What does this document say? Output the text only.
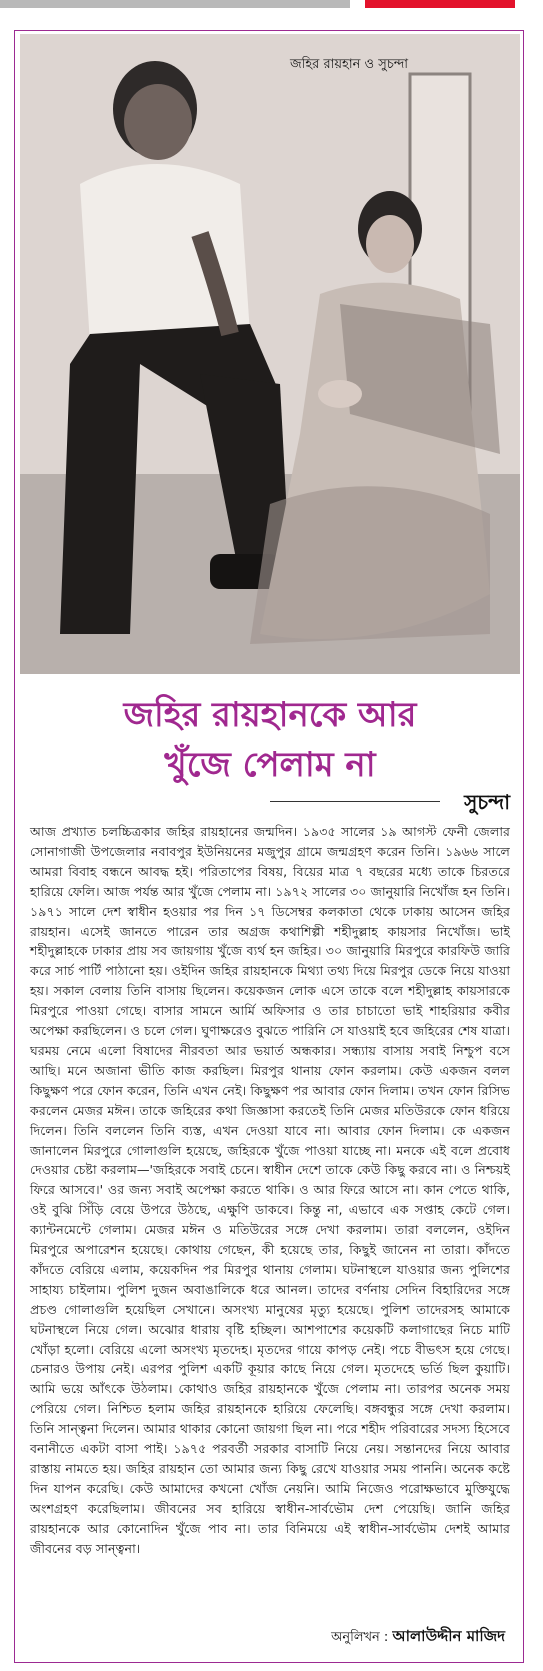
জহির রায়হান ও সুচন্দা
জহির রায়হানকে আর
খুঁজে পেলাম না
সুচন্দা
আজ প্রখ্যাত চলচ্চিত্রকার জহির রায়হানের জন্মদিন। ১৯৩৫ সালের ১৯ আগস্ট ফেনী জেলার সোনাগাজী উপজেলার নবাবপুর ইউনিয়নের মজুপুর গ্রামে জন্মগ্রহণ করেন তিনি। ১৯৬৬ সালে আমরা বিবাহ বন্ধনে আবদ্ধ হই। পরিতাপের বিষয়, বিয়ের মাত্র ৭ বছরের মধ্যে তাকে চিরতরে হারিয়ে ফেলি। আজ পর্যন্ত আর খুঁজে পেলাম না। ১৯৭২ সালের ৩০ জানুয়ারি নিখোঁজ হন তিনি। ১৯৭১ সালে দেশ স্বাধীন হওয়ার পর দিন ১৭ ডিসেম্বর কলকাতা থেকে ঢাকায় আসেন জহির রায়হান। এসেই জানতে পারেন তার অগ্রজ কথাশিল্পী শহীদুল্লাহ কায়সার নিখোঁজ। ভাই শহীদুল্লাহকে ঢাকার প্রায় সব জায়গায় খুঁজে ব্যর্থ হন জহির। ৩০ জানুয়ারি মিরপুরে কারফিউ জারি করে সার্চ পার্টি পাঠানো হয়। ওইদিন জহির রায়হানকে মিথ্যা তথ্য দিয়ে মিরপুর ডেকে নিয়ে যাওয়া হয়। সকাল বেলায় তিনি বাসায় ছিলেন। কয়েকজন লোক এসে তাকে বলে শহীদুল্লাহ কায়সারকে মিরপুরে পাওয়া গেছে। বাসার সামনে আর্মি অফিসার ও তার চাচাতো ভাই শাহরিয়ার কবীর অপেক্ষা করছিলেন। ও চলে গেল। ঘুণাক্ষরেও বুঝতে পারিনি সে যাওয়াই হবে জহিরের শেষ যাত্রা। ঘরময় নেমে এলো বিষাদের নীরবতা আর ভয়ার্ত অন্ধকার। সন্ধ্যায় বাসায় সবাই নিশ্চুপ বসে আছি। মনে অজানা ভীতি কাজ করছিল। মিরপুর থানায় ফোন করলাম। কেউ একজন বলল কিছুক্ষণ পরে ফোন করেন, তিনি এখন নেই। কিছুক্ষণ পর আবার ফোন দিলাম। তখন ফোন রিসিভ করলেন মেজর মঈন। তাকে জহিরের কথা জিজ্ঞাসা করতেই তিনি মেজর মতিউরকে ফোন ধরিয়ে দিলেন। তিনি বললেন তিনি ব্যস্ত, এখন দেওয়া যাবে না। আবার ফোন দিলাম। কে একজন জানালেন মিরপুরে গোলাগুলি হয়েছে, জহিরকে খুঁজে পাওয়া যাচ্ছে না। মনকে এই বলে প্রবোধ দেওয়ার চেষ্টা করলাম—'জহিরকে সবাই চেনে। স্বাধীন দেশে তাকে কেউ কিছু করবে না। ও নিশ্চয়ই ফিরে আসবে।' ওর জন্য সবাই অপেক্ষা করতে থাকি। ও আর ফিরে আসে না। কান পেতে থাকি, ওই বুঝি সিঁড়ি বেয়ে উপরে উঠছে, এক্ষুণি ডাকবে। কিন্তু না, এভাবে এক সপ্তাহ কেটে গেল। ক্যান্টনমেন্টে গেলাম। মেজর মঈন ও মতিউরের সঙ্গে দেখা করলাম। তারা বললেন, ওইদিন মিরপুরে অপারেশন হয়েছে। কোথায় গেছেন, কী হয়েছে তার, কিছুই জানেন না তারা। কাঁদতে কাঁদতে বেরিয়ে এলাম, কয়েকদিন পর মিরপুর থানায় গেলাম। ঘটনাস্থলে যাওয়ার জন্য পুলিশের সাহায্য চাইলাম। পুলিশ দুজন অবাঙালিকে ধরে আনল। তাদের বর্ণনায় সেদিন বিহারিদের সঙ্গে প্রচণ্ড গোলাগুলি হয়েছিল সেখানে। অসংখ্য মানুষের মৃত্যু হয়েছে। পুলিশ তাদেরসহ আমাকে ঘটনাস্থলে নিয়ে গেল। অঝোর ধারায় বৃষ্টি হচ্ছিল। আশপাশের কয়েকটি কলাগাছের নিচে মাটি খোঁড়া হলো। বেরিয়ে এলো অসংখ্য মৃতদেহ। মৃতদের গায়ে কাপড় নেই। পচে বীভৎস হয়ে গেছে। চেনারও উপায় নেই। এরপর পুলিশ একটি কূয়ার কাছে নিয়ে গেল। মৃতদেহে ভর্তি ছিল কুয়াটি। আমি ভয়ে আঁৎকে উঠলাম। কোথাও জহির রায়হানকে খুঁজে পেলাম না। তারপর অনেক সময় পেরিয়ে গেল। নিশ্চিত হলাম জহির রায়হানকে হারিয়ে ফেলেছি। বঙ্গবন্ধুর সঙ্গে দেখা করলাম। তিনি সান্ত্বনা দিলেন। আমার থাকার কোনো জায়গা ছিল না। পরে শহীদ পরিবারের সদস্য হিসেবে বনানীতে একটা বাসা পাই। ১৯৭৫ পরবর্তী সরকার বাসাটি নিয়ে নেয়। সন্তানদের নিয়ে আবার রাস্তায় নামতে হয়। জহির রায়হান তো আমার জন্য কিছু রেখে যাওয়ার সময় পাননি। অনেক কষ্টে দিন যাপন করেছি। কেউ আমাদের কখনো খোঁজ নেয়নি। আমি নিজেও পরোক্ষভাবে মুক্তিযুদ্ধে অংশগ্রহণ করেছিলাম। জীবনের সব হারিয়ে স্বাধীন-সার্বভৌম দেশ পেয়েছি। জানি জহির রায়হানকে আর কোনোদিন খুঁজে পাব না। তার বিনিময়ে এই স্বাধীন-সার্বভৌম দেশই আমার জীবনের বড় সান্ত্বনা।
অনুলিখন : আলাউদ্দীন মাজিদ
